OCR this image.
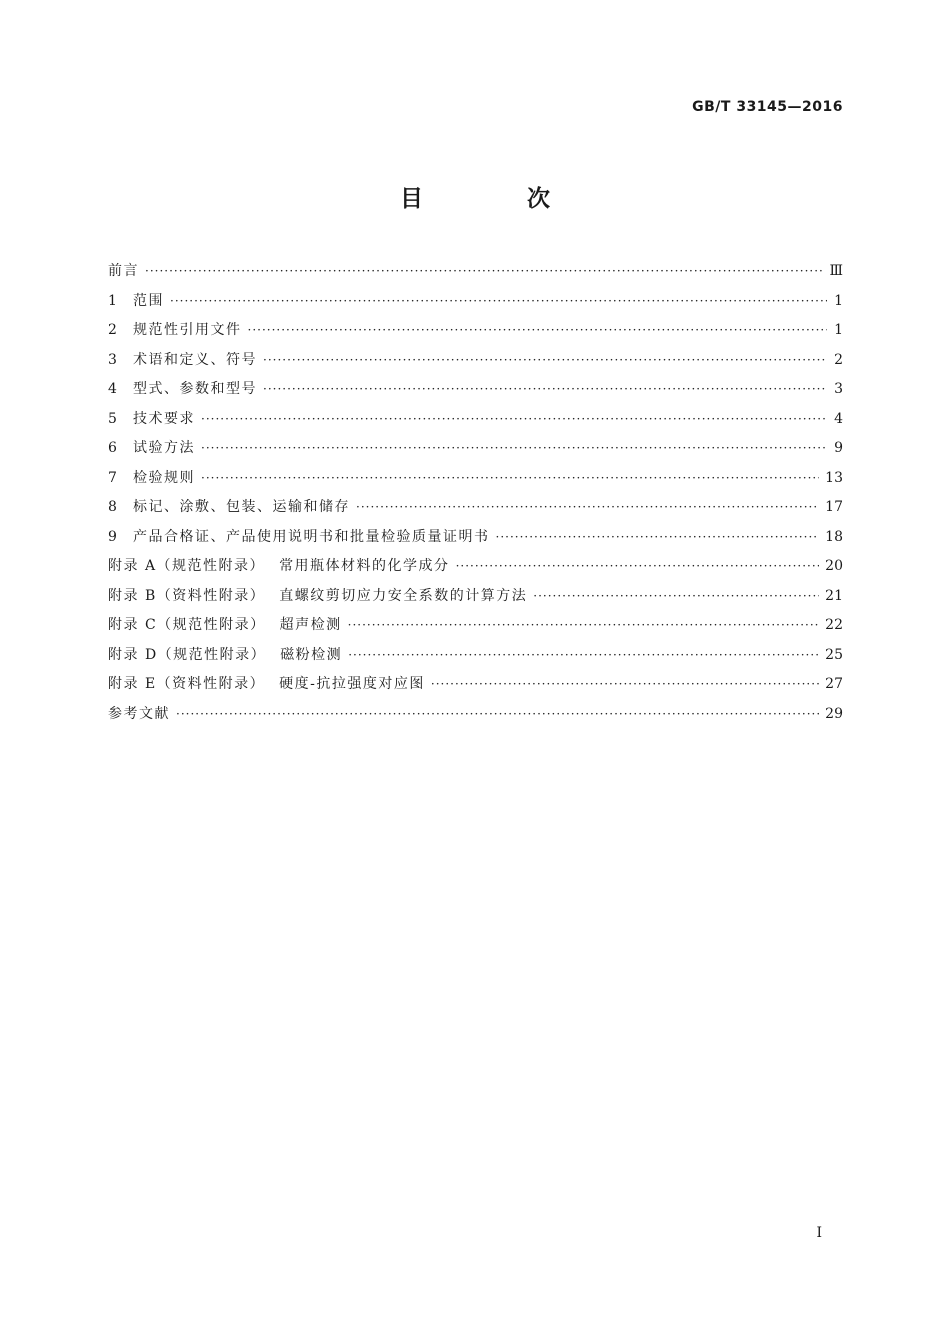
GB/T 33145—2016
目 次
前言 ·····	Ⅲ
1	范围 ·····	1
2	规范性引用文件 ·····	1
3	术语和定义、符号 ·····	2
4	型式、参数和型号 ·····	3
5	技术要求 ·····	4
6	试验方法 ·····	9
7	检验规则 ·····	13
8	标记、涂敷、包装、运输和储存 ·····	17
9	产品合格证、产品使用说明书和批量检验质量证明书 ·····	18
附录 A（规范性附录） 常用瓶体材料的化学成分 ·····	20
附录 B（资料性附录） 直螺纹剪切应力安全系数的计算方法 ·····	21
附录 C（规范性附录） 超声检测 ·····	22
附录 D（规范性附录） 磁粉检测 ·····	25
附录 E（资料性附录） 硬度-抗拉强度对应图 ·····	27
参考文献 ·····	29
I
